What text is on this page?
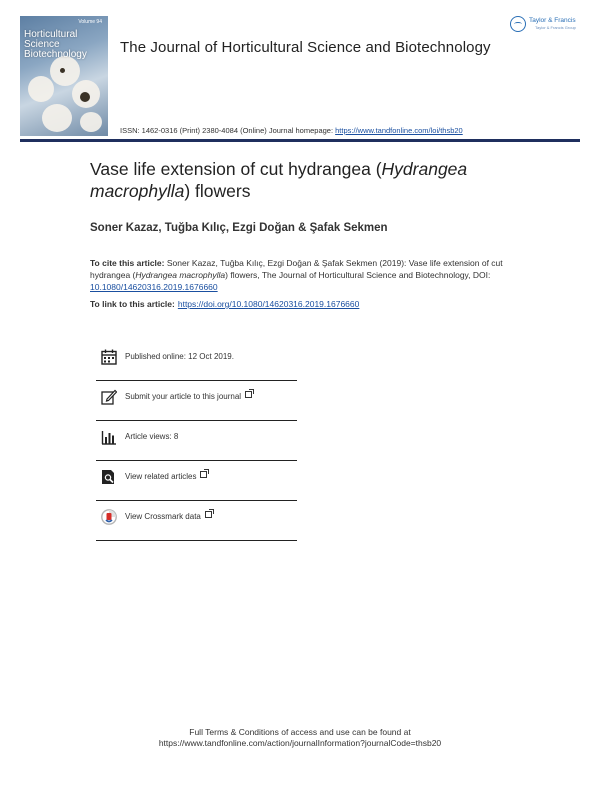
Volume 94
Horticultural
Science
Biotechnology	The Journal of Horticultural Science and Biotechnology
ISSN: 1462-0316 (Print) 2380-4084 (Online) Journal homepage: https://www.tandfonline.com/loi/thsb20
Taylor & Francis
Taylor & Francis Group
Vase life extension of cut hydrangea (Hydrangea macrophylla) flowers
Soner Kazaz, Tuğba Kılıç, Ezgi Doğan & Şafak Sekmen
To cite this article: Soner Kazaz, Tuğba Kılıç, Ezgi Doğan & Şafak Sekmen (2019): Vase life extension of cut hydrangea (Hydrangea macrophylla) flowers, The Journal of Horticultural Science and Biotechnology, DOI: 10.1080/14620316.2019.1676660
To link to this article: https://doi.org/10.1080/14620316.2019.1676660
Published online: 12 Oct 2019.
Submit your article to this journal
Article views: 8
View related articles
View Crossmark data
Full Terms & Conditions of access and use can be found at
https://www.tandfonline.com/action/journalInformation?journalCode=thsb20
